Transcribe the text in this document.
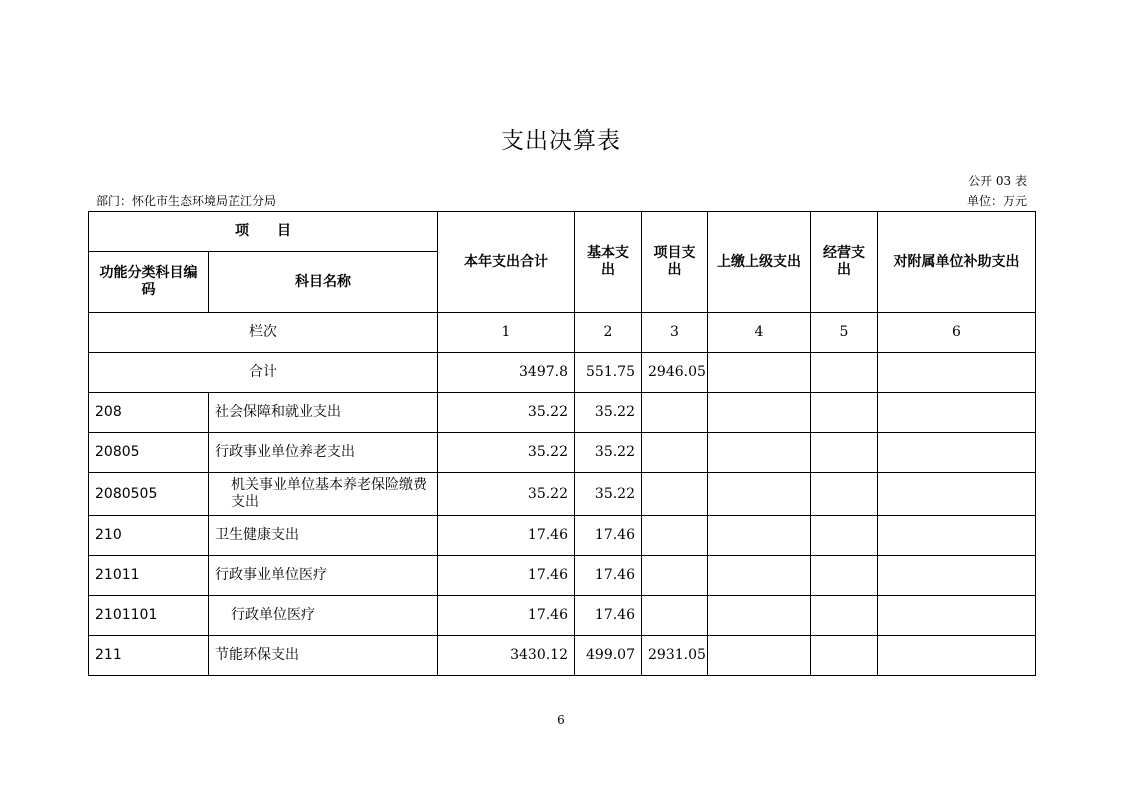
支出决算表
公开 03 表
部门：怀化市生态环境局芷江分局	单位：万元
项　　目		本年支出合计	基本支出	项目支出	上缴上级支出	经营支出	对附属单位补助支出
功能分类科目编码	科目名称						
栏次		1	2	3	4	5	6
合计		3497.8	551.75	2946.05			
208	社会保障和就业支出	35.22	35.22				
20805	行政事业单位养老支出	35.22	35.22				
2080505	机关事业单位基本养老保险缴费支出	35.22	35.22				
210	卫生健康支出	17.46	17.46				
21011	行政事业单位医疗	17.46	17.46				
2101101	行政单位医疗	17.46	17.46				
211	节能环保支出	3430.12	499.07	2931.05			
6
